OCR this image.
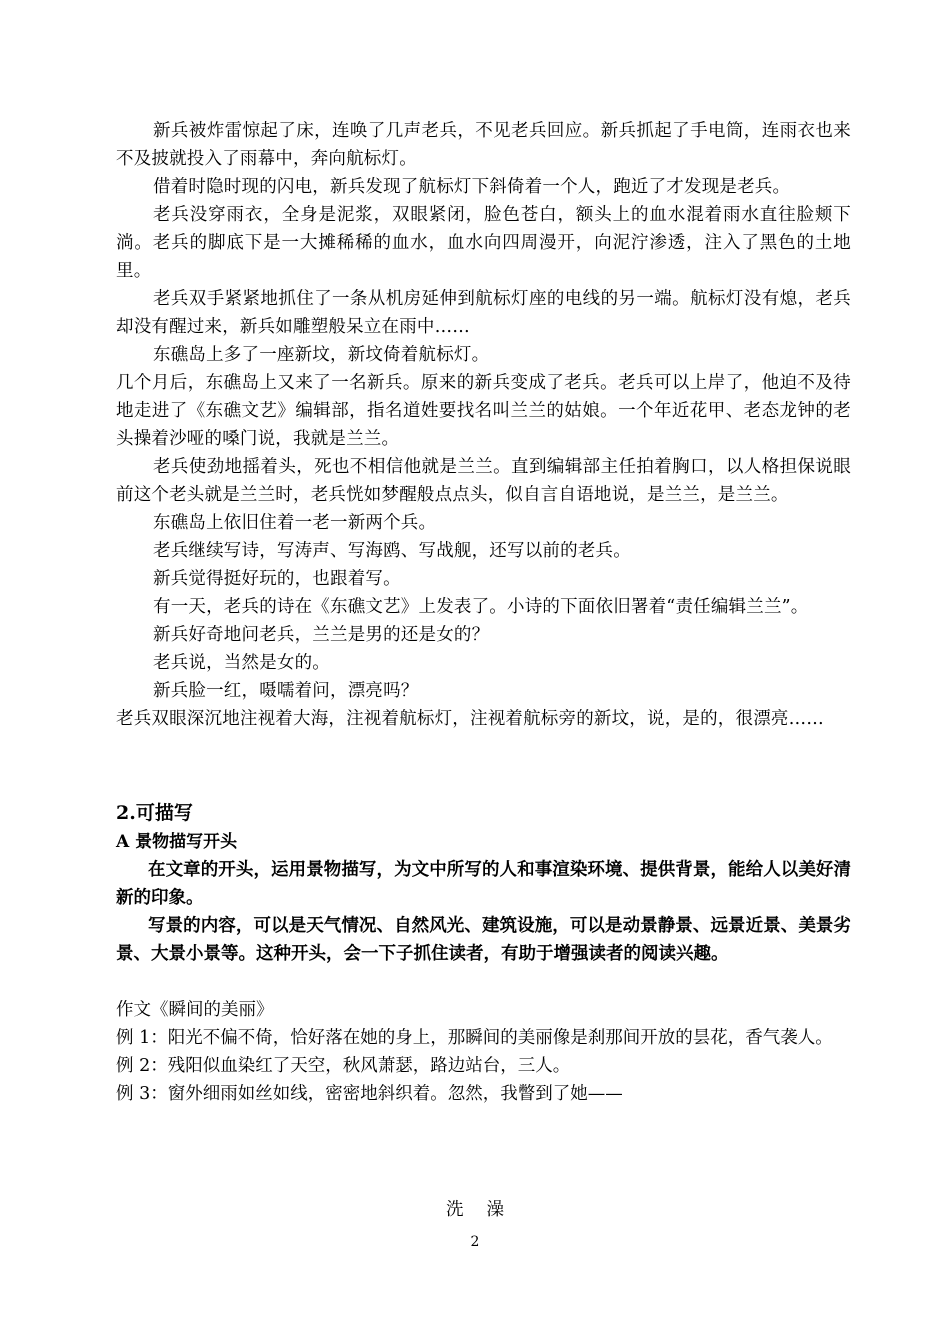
新兵被炸雷惊起了床，连唤了几声老兵，不见老兵回应。新兵抓起了手电筒，连雨衣也来不及披就投入了雨幕中，奔向航标灯。

借着时隐时现的闪电，新兵发现了航标灯下斜倚着一个人，跑近了才发现是老兵。

老兵没穿雨衣，全身是泥浆，双眼紧闭，脸色苍白，额头上的血水混着雨水直往脸颊下淌。老兵的脚底下是一大摊稀稀的血水，血水向四周漫开，向泥泞渗透，注入了黑色的土地里。

老兵双手紧紧地抓住了一条从机房延伸到航标灯座的电线的另一端。航标灯没有熄，老兵却没有醒过来，新兵如雕塑般呆立在雨中……

东礁岛上多了一座新坟，新坟倚着航标灯。

几个月后，东礁岛上又来了一名新兵。原来的新兵变成了老兵。老兵可以上岸了，他迫不及待地走进了《东礁文艺》编辑部，指名道姓要找名叫兰兰的姑娘。一个年近花甲、老态龙钟的老头操着沙哑的嗓门说，我就是兰兰。

老兵使劲地摇着头，死也不相信他就是兰兰。直到编辑部主任拍着胸口，以人格担保说眼前这个老头就是兰兰时，老兵恍如梦醒般点点头，似自言自语地说，是兰兰，是兰兰。

东礁岛上依旧住着一老一新两个兵。

老兵继续写诗，写涛声、写海鸥、写战舰，还写以前的老兵。

新兵觉得挺好玩的，也跟着写。

有一天，老兵的诗在《东礁文艺》上发表了。小诗的下面依旧署着“责任编辑兰兰”。

新兵好奇地问老兵，兰兰是男的还是女的？

老兵说，当然是女的。

新兵脸一红，嗫嚅着问，漂亮吗？

老兵双眼深沉地注视着大海，注视着航标灯，注视着航标旁的新坟，说，是的，很漂亮……

2.可描写
A 景物描写开头

在文章的开头，运用景物描写，为文中所写的人和事渲染环境、提供背景，能给人以美好清新的印象。

写景的内容，可以是天气情况、自然风光、建筑设施，可以是动景静景、远景近景、美景劣景、大景小景等。这种开头，会一下子抓住读者，有助于增强读者的阅读兴趣。

作文《瞬间的美丽》

例 1：阳光不偏不倚，恰好落在她的身上，那瞬间的美丽像是刹那间开放的昙花，香气袭人。

例 2：残阳似血染红了天空，秋风萧瑟，路边站台，三人。

例 3：窗外细雨如丝如线，密密地斜织着。忽然，我瞥到了她——

洗　 澡
2
